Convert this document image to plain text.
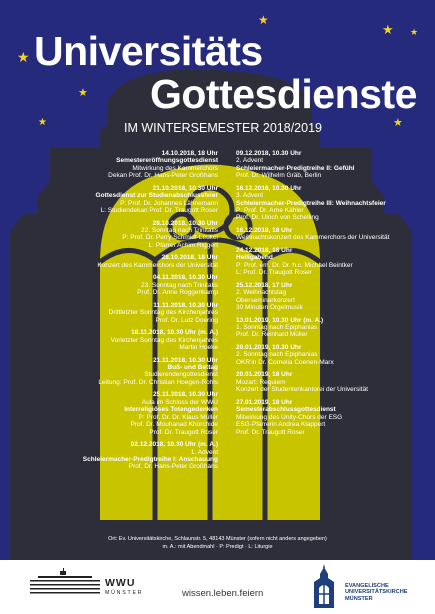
★
★
★
★
★
★
★
Universitäts
Gottesdienste
IM WINTERSEMESTER 2018/2019
14.10.2018, 18 Uhr
Semestereröffnungsgottesdienst
Mitwirkung des Kammerchors
Dekan Prof. Dr. Hans-Peter Großhans
21.10.2018, 10.30 Uhr
Gottesdienst zur Studienabschlussfeier
P: Prof. Dr. Johannes Lähnemann
L: Studiendekan Prof. Dr. Traugott Roser
28.10.2018, 10.30 Uhr
22. Sonntag nach Trinitatis
P: Prof. Dr. Perry Schmidt-Leukel
L: Pfarrer Achim Riggert
28.10.2018, 18 Uhr
Konzert des Kammerchors der Universität
04.11.2018, 10.30 Uhr
23. Sonntag nach Trinitatis
Prof. Dr. Anne Roggenkamp
11.11.2018, 10.30 Uhr
Drittletzter Sonntag des Kirchenjahres
Prof. Dr. Lutz Doering
18.11.2018, 10.30 Uhr (m. A.)
Vorletzter Sonntag des Kirchenjahres
Martin Hoeke
21.11.2018, 10.30 Uhr
Buß- und Bettag
Studierendengottesdienst
Leitung: Prof. Dr. Christian Hoegen-Rohls
25.11.2018, 10.30 Uhr
Aula im Schloss der WWU
Interreligiöses Totengedenken
P: Prof. Dr. Dr. Klaus Müller
Prof. Dr. Mouhanad Khorchide
Prof. Dr. Traugott Roser
02.12.2018, 10.30 Uhr (m. A.)
1. Advent
Schleiermacher-Predigtreihe I: Anschauung
Prof. Dr. Hans-Peter Großhans
09.12.2018, 10.30 Uhr
2. Advent
Schleiermacher-Predigtreihe II: Gefühl
Prof. Dr. Wilhelm Gräb, Berlin
16.12.2018, 10.30 Uhr
3. Advent
Schleiermacher-Predigtreihe III: Weihnachtsfeier
P: Prof. Dr. Arne Kähler
Prof. Dr. Ulrich von Schelling
16.12.2018, 18 Uhr
Weihnachtskonzert des Kammerchors der Universität
24.12.2018, 18 Uhr
Heiligabend
P: Prof. em. Dr. Dr. h.c. Michael Beintker
L: Prof. Dr. Traugott Roser
25.12.2018, 17 Uhr
2. Weihnachtstag
Oberseminarkonzert
30 Minuten Orgelmusik
13.01.2019, 10.30 Uhr (m. A.)
1. Sonntag nach Epiphanias
Prof. Dr. Reinhard Müller
20.01.2019, 10.30 Uhr
2. Sonntag nach Epiphanias
OKR'in Dr. Cornelia Coenen-Marx
20.01.2019, 18 Uhr
Mozart: Requiem
Konzert der Studentenkantorei der Universität
27.01.2019, 18 Uhr
Semesterabschlussgottesdienst
Mitwirkung des Unity-Chors der ESG
ESG-Pfarrerin Andrea Klappert
Prof. Dr. Traugott Roser
Ort: Ev. Universitätskirche, Schlaunstr. 5, 48143 Münster (sofern nicht anders angegeben)
m. A.: mit Abendmahl · P: Predigt · L: Liturgie
WWU
MÜNSTER	wissen.leben.feiern
EVANGELISCHE
UNIVERSITÄTSKIRCHE
MÜNSTER
